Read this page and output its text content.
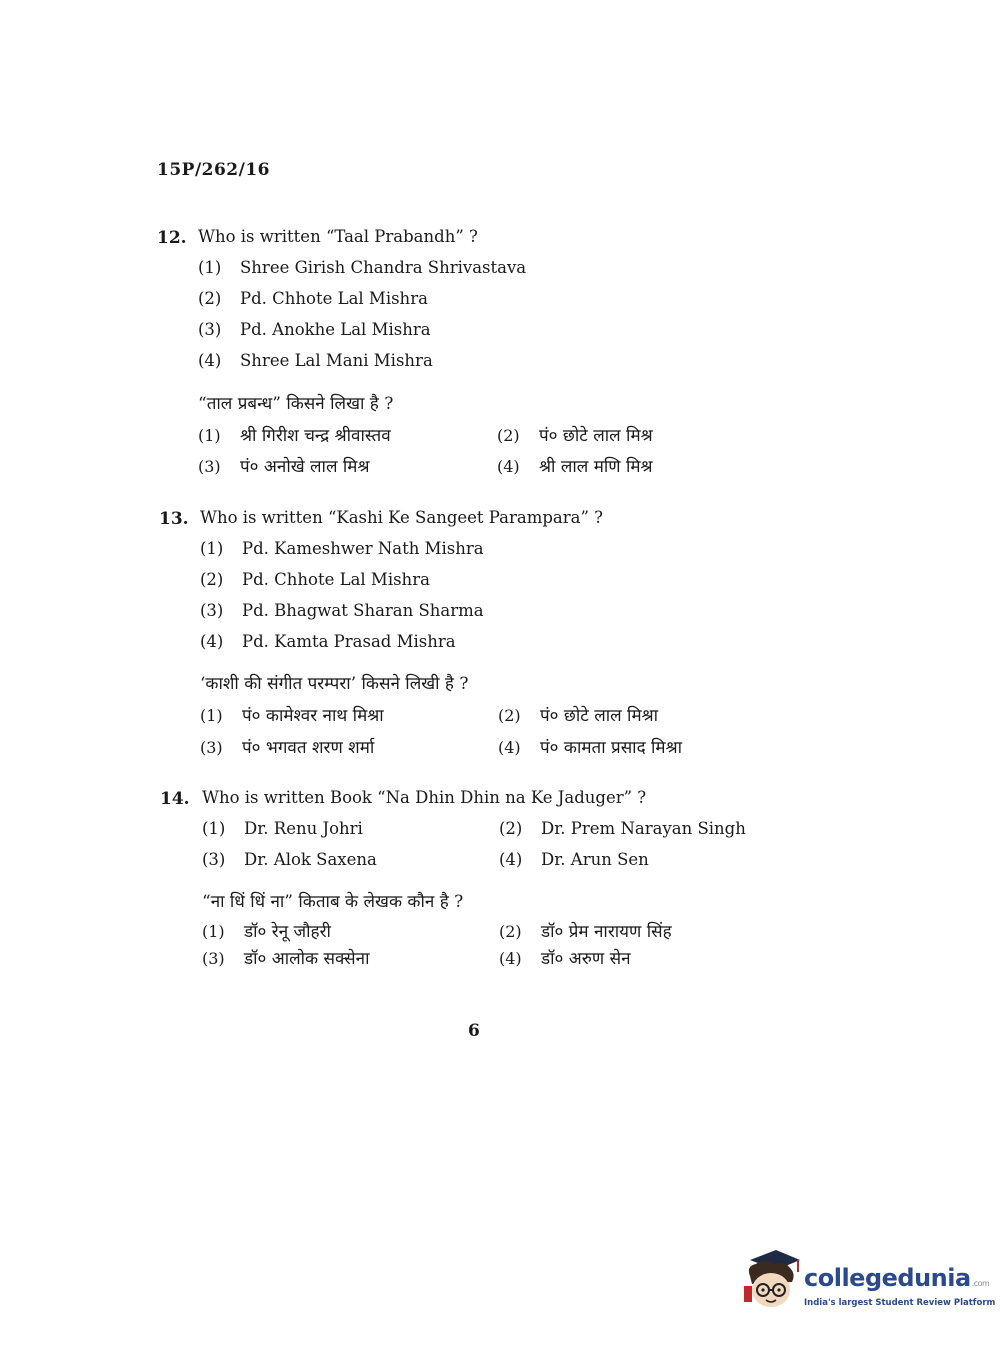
15P/262/16
12. Who is written “Taal Prabandh” ?
(1) Shree Girish Chandra Shrivastava
(2) Pd. Chhote Lal Mishra
(3) Pd. Anokhe Lal Mishra
(4) Shree Lal Mani Mishra
“ताल प्रबन्ध” किसने लिखा है ?
(1) श्री गिरीश चन्द्र श्रीवास्तव	(2) पं० छोटे लाल मिश्र
(3) पं० अनोखे लाल मिश्र	(4) श्री लाल मणि मिश्र
13. Who is written “Kashi Ke Sangeet Parampara” ?
(1) Pd. Kameshwer Nath Mishra
(2) Pd. Chhote Lal Mishra
(3) Pd. Bhagwat Sharan Sharma
(4) Pd. Kamta Prasad Mishra
‘काशी की संगीत परम्परा’ किसने लिखी है ?
(1) पं० कामेश्वर नाथ मिश्रा	(2) पं० छोटे लाल मिश्रा
(3) पं० भगवत शरण शर्मा	(4) पं० कामता प्रसाद मिश्रा
14. Who is written Book “Na Dhin Dhin na Ke Jaduger” ?
(1) Dr. Renu Johri	(2) Dr. Prem Narayan Singh
(3) Dr. Alok Saxena	(4) Dr. Arun Sen
“ना धिं धिं ना” किताब के लेखक कौन है ?
(1) डॉ० रेनू जौहरी	(2) डॉ० प्रेम नारायण सिंह
(3) डॉ० आलोक सक्सेना	(4) डॉ० अरुण सेन
6
collegedunia.com
India's largest Student Review Platform
